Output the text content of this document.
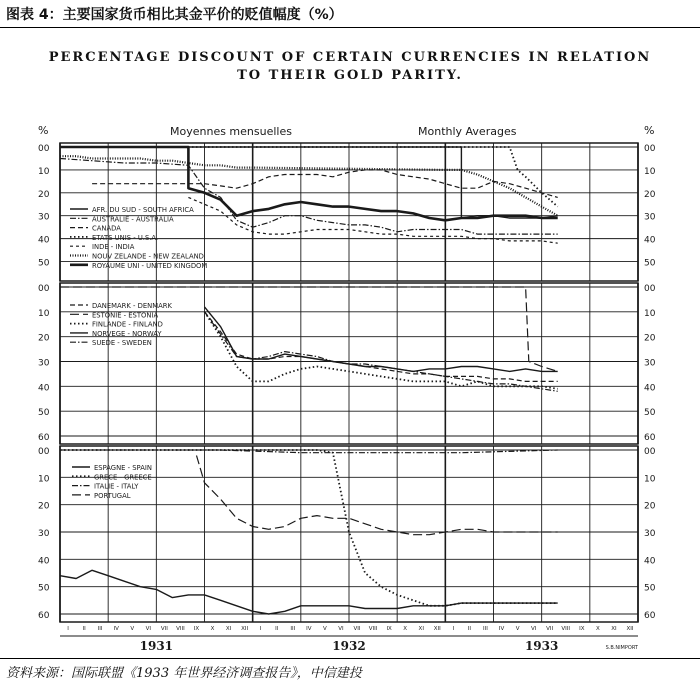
图表 4：主要国家货币相比其金平价的贬值幅度（%）
PERCENTAGE DISCOUNT OF CERTAIN CURRENCIES IN RELATION
TO THEIR GOLD PARITY.
%	%
Moyennes mensuelles	Monthly Averages
00	00
10	10
20	20
30	30
40	40
50	50
AFR. DU SUD - SOUTH AFRICA
AUSTRALIE - AUSTRALIA
CANADA
ETATS UNIS - U.S.A.
INDE - INDIA
NOUV ZELANDE - NEW ZEALAND
ROYAUME UNI - UNITED KINGDOM
00	00
10	10
20	20
30	30
40	40
50	50
60	60
DANEMARK - DENMARK
ESTONIE - ESTONIA
FINLANDE - FINLAND
NORVEGE - NORWAY
SUEDE - SWEDEN
00	00
10	10
20	20
30	30
40	40
50	50
60	60
ESPAGNE - SPAIN
GRECE - GREECE
ITALIE - ITALY
PORTUGAL
I II III IV V VI VII VIII IX X XI XII I II III IV V VI VII VIII IX X XI XII I II III IV V VI VII VIII IX X XI XII
1931	1932	1933	S.B.NIMPORT
资料来源：国际联盟《1933 年世界经济调查报告》，中信建投
